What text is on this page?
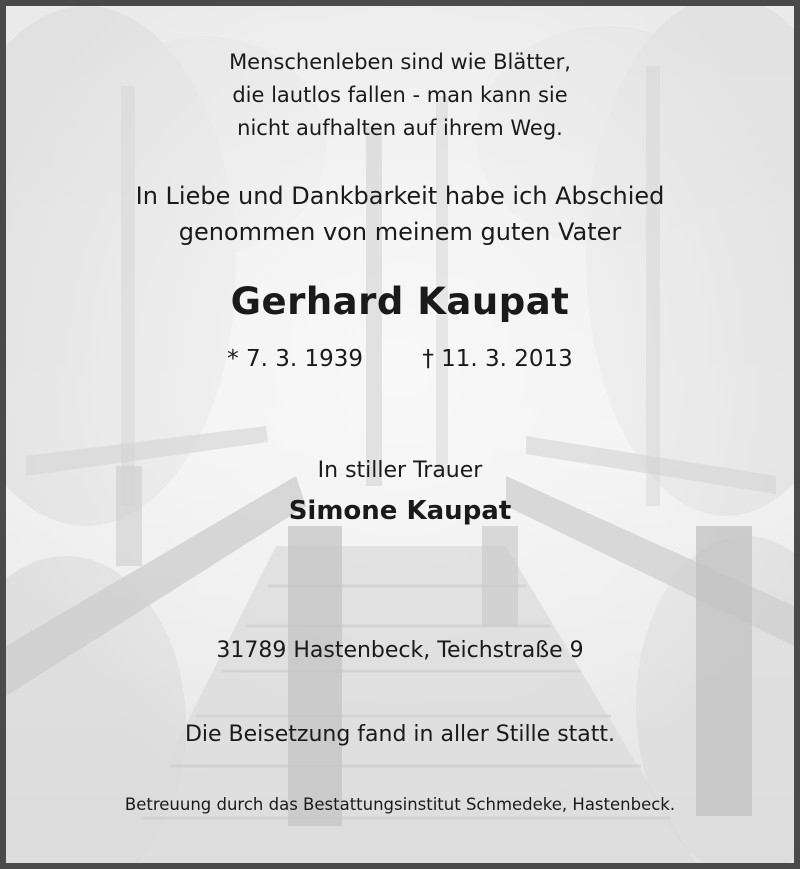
Menschenleben sind wie Blätter,
die lautlos fallen - man kann sie
nicht aufhalten auf ihrem Weg.
In Liebe und Dankbarkeit habe ich Abschied
genommen von meinem guten Vater
Gerhard Kaupat
* 7. 3. 1939	† 11. 3. 2013
In stiller Trauer
Simone Kaupat
31789 Hastenbeck, Teichstraße 9
Die Beisetzung fand in aller Stille statt.
Betreuung durch das Bestattungsinstitut Schmedeke, Hastenbeck.
